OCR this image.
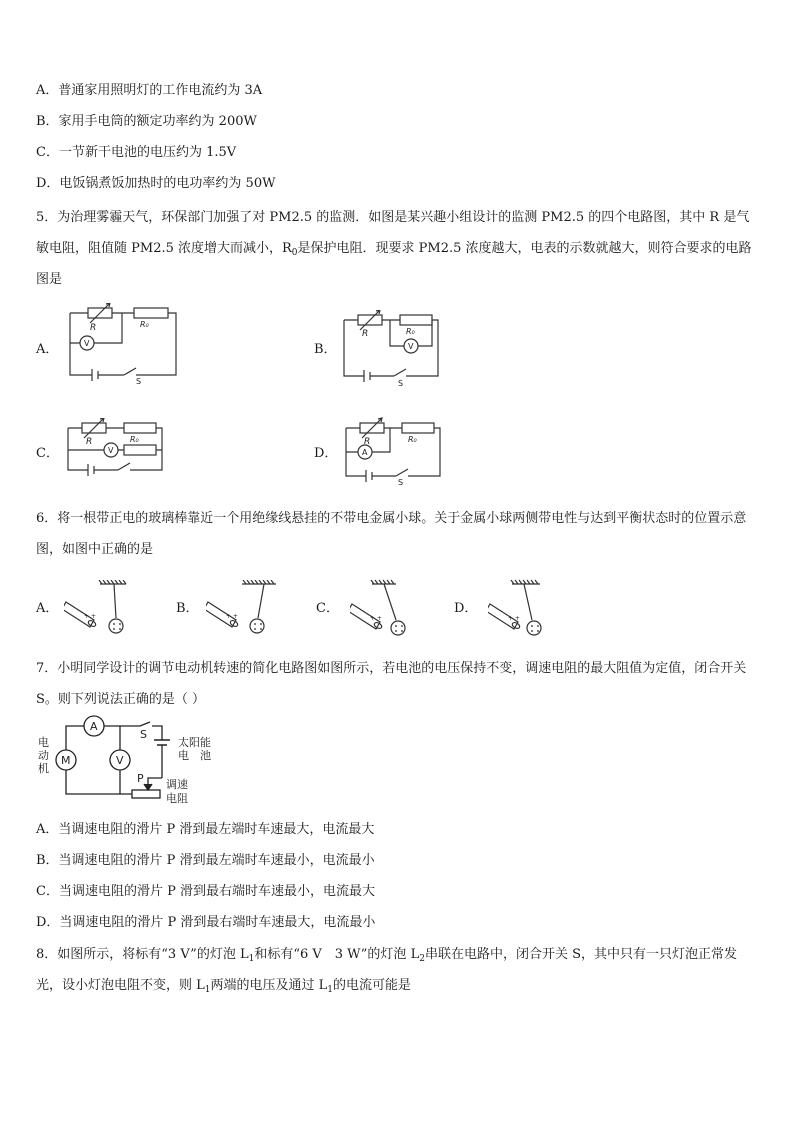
A．普通家用照明灯的工作电流约为 3A
B．家用手电筒的额定功率约为 200W
C．一节新干电池的电压约为 1.5V
D．电饭锅煮饭加热时的电功率约为 50W
5．为治理雾霾天气，环保部门加强了对 PM2.5 的监测．如图是某兴趣小组设计的监测 PM2.5 的四个电路图，其中 R 是气敏电阻，阻值随 PM2.5 浓度增大而减小，$R_0$是保护电阻．现要求 PM2.5 浓度越大，电表的示数就越大，则符合要求的电路图是
A．	B．
C．	D．
R	R₀
V
S
R	R₀
V
S
R	R₀
V
R	R₀
A
S
6．将一根带正电的玻璃棒靠近一个用绝缘线悬挂的不带电金属小球。关于金属小球两侧带电性与达到平衡状态时的位置示意图，如图中正确的是
A．	B．	C．	D．
+ +	+ +	+ +	+ +
7．小明同学设计的调节电动机转速的简化电路图如图所示，若电池的电压保持不变，调速电阻的最大阻值为定值，闭合开关 S。则下列说法正确的是（ ）
电
动
机
A
M	V
S
太阳能
电　池
P 调速
电阻
A．当调速电阻的滑片 P 滑到最左端时车速最大，电流最大
B．当调速电阻的滑片 P 滑到最左端时车速最小，电流最小
C．当调速电阻的滑片 P 滑到最右端时车速最小，电流最大
D．当调速电阻的滑片 P 滑到最右端时车速最大，电流最小
8．如图所示，将标有“3 V”的灯泡 $L_1$和标有“6 V　3 W”的灯泡 $L_2$串联在电路中，闭合开关 S，其中只有一只灯泡正常发光，设小灯泡电阻不变，则 $L_1$两端的电压及通过 $L_1$的电流可能是
